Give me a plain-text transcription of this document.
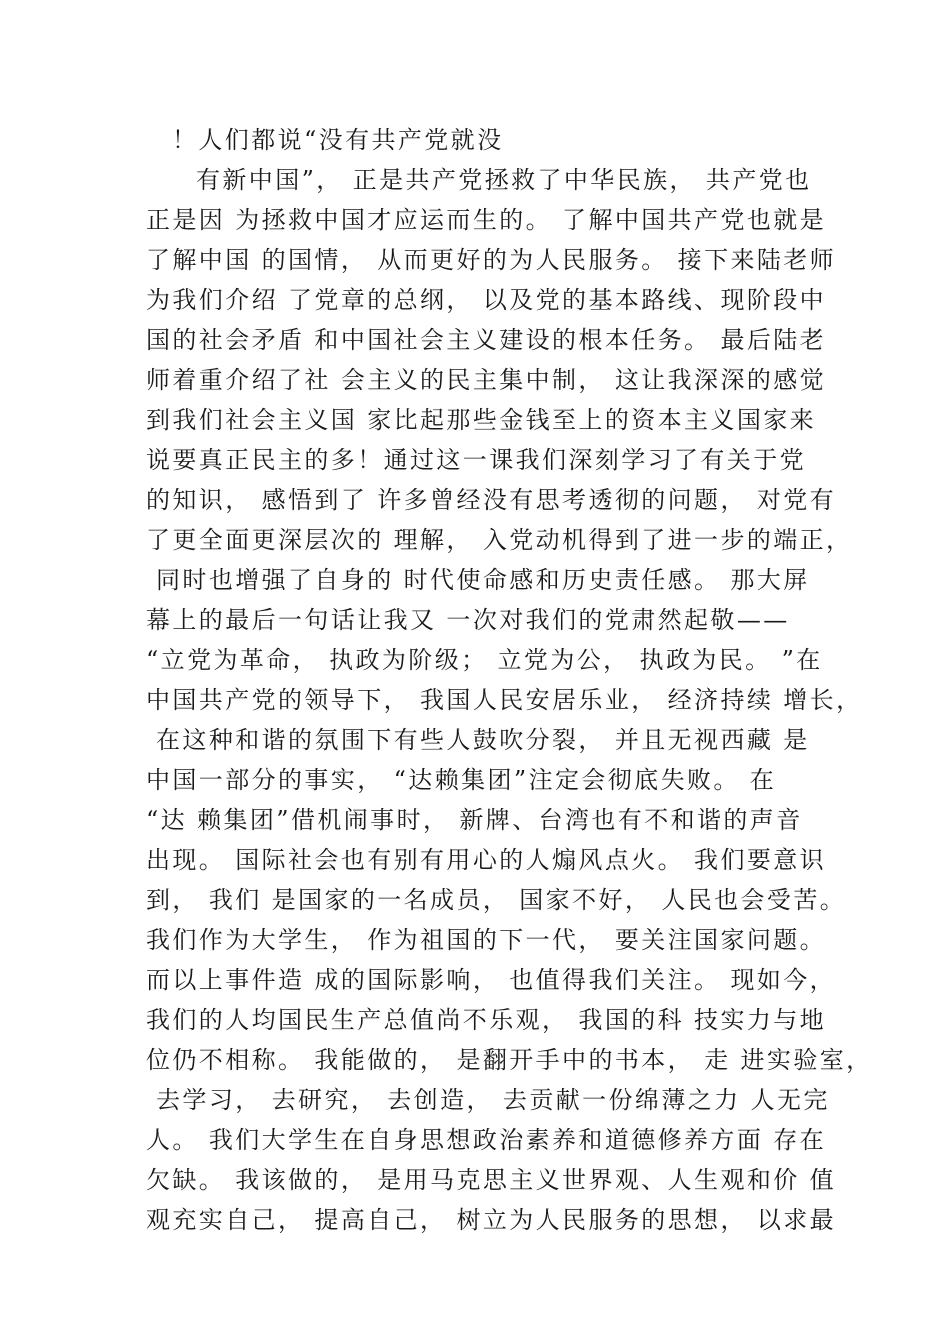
！人们都说“没有共产党就没
有新中国”， 正是共产党拯救了中华民族， 共产党也
正是因 为拯救中国才应运而生的。 了解中国共产党也就是
了解中国 的国情， 从而更好的为人民服务。 接下来陆老师
为我们介绍 了党章的总纲， 以及党的基本路线、现阶段中
国的社会矛盾 和中国社会主义建设的根本任务。 最后陆老
师着重介绍了社 会主义的民主集中制， 这让我深深的感觉
到我们社会主义国 家比起那些金钱至上的资本主义国家来
说要真正民主的多！通过这一课我们深刻学习了有关于党
的知识， 感悟到了 许多曾经没有思考透彻的问题， 对党有
了更全面更深层次的 理解， 入党动机得到了进一步的端正，
同时也增强了自身的 时代使命感和历史责任感。 那大屏
幕上的最后一句话让我又 一次对我们的党肃然起敬——
“立党为革命， 执政为阶级； 立党为公， 执政为民。 ”在
中国共产党的领导下， 我国人民安居乐业， 经济持续 增长，
在这种和谐的氛围下有些人鼓吹分裂， 并且无视西藏 是
中国一部分的事实， “达赖集团”注定会彻底失败。 在
“达 赖集团”借机闹事时， 新牌、台湾也有不和谐的声音
出现。 国际社会也有别有用心的人煽风点火。 我们要意识
到， 我们 是国家的一名成员， 国家不好， 人民也会受苦。
我们作为大学生， 作为祖国的下一代， 要关注国家问题。
而以上事件造 成的国际影响， 也值得我们关注。 现如今，
我们的人均国民生产总值尚不乐观， 我国的科 技实力与地
位仍不相称。 我能做的， 是翻开手中的书本， 走 进实验室，
去学习， 去研究， 去创造， 去贡献一份绵薄之力 人无完
人。 我们大学生在自身思想政治素养和道德修养方面 存在
欠缺。 我该做的， 是用马克思主义世界观、人生观和价 值
观充实自己， 提高自己， 树立为人民服务的思想， 以求最
